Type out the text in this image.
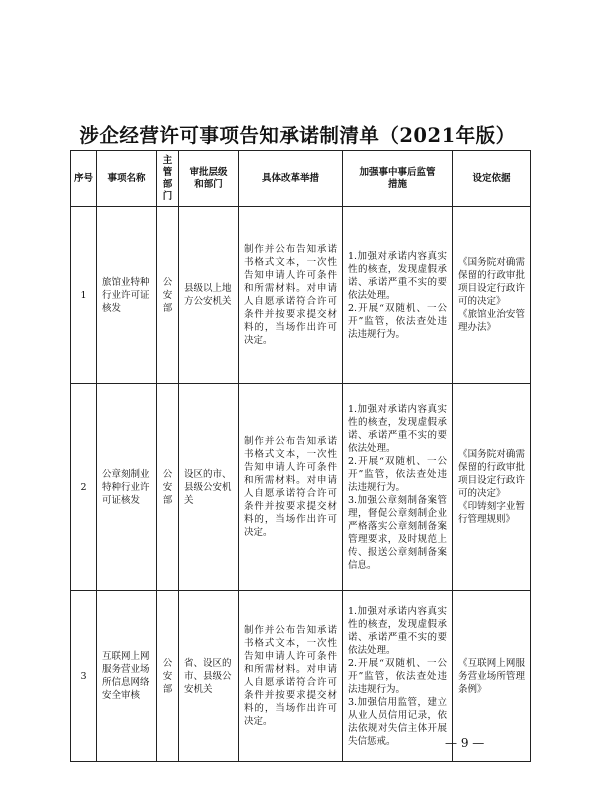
涉企经营许可事项告知承诺制清单（2021年版）
序号	事项名称	主管部门	审批层级和部门	具体改革举措	加强事中事后监管措施	设定依据
1	旅馆业特种行业许可证核发	公安部	县级以上地方公安机关	制作并公布告知承诺书格式文本，一次性告知申请人许可条件和所需材料。对申请人自愿承诺符合许可条件并按要求提交材料的，当场作出许可决定。	1.加强对承诺内容真实性的核查，发现虚假承诺、承诺严重不实的要依法处理。
2.开展“双随机、一公开”监管，依法查处违法违规行为。	《国务院对确需保留的行政审批项目设定行政许可的决定》
《旅馆业治安管理办法》
2	公章刻制业特种行业许可证核发	公安部	设区的市、县级公安机关	制作并公布告知承诺书格式文本，一次性告知申请人许可条件和所需材料。对申请人自愿承诺符合许可条件并按要求提交材料的，当场作出许可决定。	1.加强对承诺内容真实性的核查，发现虚假承诺、承诺严重不实的要依法处理。
2.开展“双随机、一公开”监管，依法查处违法违规行为。
3.加强公章刻制备案管理，督促公章刻制企业严格落实公章刻制备案管理要求，及时规范上传、报送公章刻制备案信息。	《国务院对确需保留的行政审批项目设定行政许可的决定》
《印铸刻字业暂行管理规则》
3	互联网上网服务营业场所信息网络安全审核	公安部	省、设区的市、县级公安机关	制作并公布告知承诺书格式文本，一次性告知申请人许可条件和所需材料。对申请人自愿承诺符合许可条件并按要求提交材料的，当场作出许可决定。	1.加强对承诺内容真实性的核查，发现虚假承诺、承诺严重不实的要依法处理。
2.开展“双随机、一公开”监管，依法查处违法违规行为。
3.加强信用监管，建立从业人员信用记录，依法依规对失信主体开展失信惩戒。	《互联网上网服务营业场所管理条例》
— 9 —
